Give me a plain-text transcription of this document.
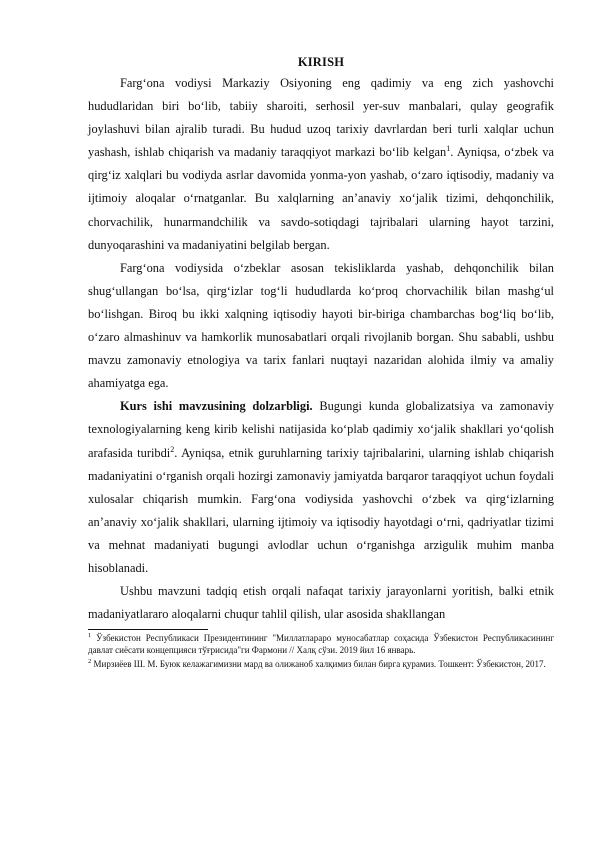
KIRISH

Farg‘ona vodiysi Markaziy Osiyoning eng qadimiy va eng zich yashovchi hududlaridan biri bo‘lib, tabiiy sharoiti, serhosil yer-suv manbalari, qulay geografik joylashuvi bilan ajralib turadi. Bu hudud uzoq tarixiy davrlardan beri turli xalqlar uchun yashash, ishlab chiqarish va madaniy taraqqiyot markazi bo‘lib kelgan$^1$. Ayniqsa, o‘zbek va qirg‘iz xalqlari bu vodiyda asrlar davomida yonma-yon yashab, o‘zaro iqtisodiy, madaniy va ijtimoiy aloqalar o‘rnatganlar. Bu xalqlarning an’anaviy xo‘jalik tizimi, dehqonchilik, chorvachilik, hunarmandchilik va savdo-sotiqdagi tajribalari ularning hayot tarzini, dunyoqarashini va madaniyatini belgilab bergan.

Farg‘ona vodiysida o‘zbeklar asosan tekisliklarda yashab, dehqonchilik bilan shug‘ullangan bo‘lsa, qirg‘izlar tog‘li hududlarda ko‘proq chorvachilik bilan mashg‘ul bo‘lishgan. Biroq bu ikki xalqning iqtisodiy hayoti bir-biriga chambarchas bog‘liq bo‘lib, o‘zaro almashinuv va hamkorlik munosabatlari orqali rivojlanib borgan. Shu sababli, ushbu mavzu zamonaviy etnologiya va tarix fanlari nuqtayi nazaridan alohida ilmiy va amaliy ahamiyatga ega.

Kurs ishi mavzusining dolzarbligi. Bugungi kunda globalizatsiya va zamonaviy texnologiyalarning keng kirib kelishi natijasida ko‘plab qadimiy xo‘jalik shakllari yo‘qolish arafasida turibdi$^2$. Ayniqsa, etnik guruhlarning tarixiy tajribalarini, ularning ishlab chiqarish madaniyatini o‘rganish orqali hozirgi zamonaviy jamiyatda barqaror taraqqiyot uchun foydali xulosalar chiqarish mumkin. Farg‘ona vodiysida yashovchi o‘zbek va qirg‘izlarning an’anaviy xo‘jalik shakllari, ularning ijtimoiy va iqtisodiy hayotdagi o‘rni, qadriyatlar tizimi va mehnat madaniyati bugungi avlodlar uchun o‘rganishga arzigulik muhim manba hisoblanadi.

Ushbu mavzuni tadqiq etish orqali nafaqat tarixiy jarayonlarni yoritish, balki etnik madaniyatlararo aloqalarni chuqur tahlil qilish, ular asosida shakllangan

$^1$ Ўзбекистон Республикаси Президентининг "Миллатлараро муносабатлар соҳасида Ўзбекистон Республикасининг давлат сиёсати концепцияси тўғрисида"ги Фармони // Халқ сўзи. 2019 йил 16 январь.

$^2$ Мирзиёев Ш. М. Буюк келажагимизни мард ва олижаноб халқимиз билан бирга қурамиз. Тошкент: Ўзбекистон, 2017.
